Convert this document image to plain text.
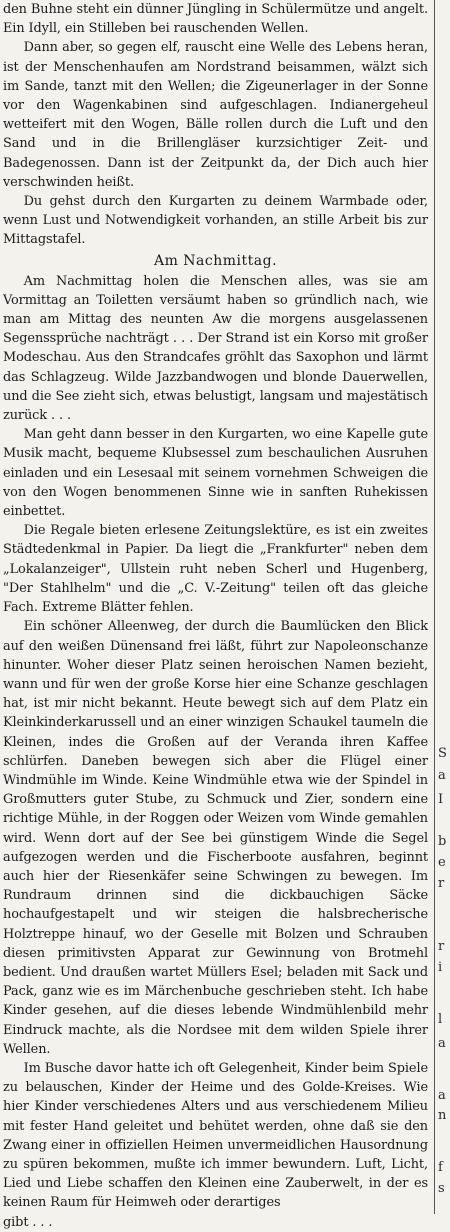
den Buhne steht ein dünner Jüngling in Schülermütze und angelt. Ein Idyll, ein Stilleben bei rauschenden Wellen.

Dann aber, so gegen elf, rauscht eine Welle des Lebens heran, ist der Menschenhaufen am Nordstrand beisammen, wälzt sich im Sande, tanzt mit den Wellen; die Zigeunerlager in der Sonne vor den Wagenkabinen sind aufgeschlagen. Indianergeheul wetteifert mit den Wogen, Bälle rollen durch die Luft und den Sand und in die Brillengläser kurzsichtiger Zeit- und Badegenossen. Dann ist der Zeitpunkt da, der Dich auch hier verschwinden heißt.

Du gehst durch den Kurgarten zu deinem Warmbade oder, wenn Lust und Notwendigkeit vorhanden, an stille Arbeit bis zur Mittagstafel.

Am Nachmittag.

Am Nachmittag holen die Menschen alles, was sie am Vormittag an Toiletten versäumt haben so gründlich nach, wie man am Mittag des neunten Aw die morgens ausgelassenen Segenssprüche nachträgt . . . Der Strand ist ein Korso mit großer Modeschau. Aus den Strandcafes gröhlt das Saxophon und lärmt das Schlagzeug. Wilde Jazzbandwogen und blonde Dauerwellen, und die See zieht sich, etwas belustigt, langsam und majestätisch zurück . . .

Man geht dann besser in den Kurgarten, wo eine Kapelle gute Musik macht, bequeme Klubsessel zum beschaulichen Ausruhen einladen und ein Lesesaal mit seinem vornehmen Schweigen die von den Wogen benommenen Sinne wie in sanften Ruhekissen einbettet.

Die Regale bieten erlesene Zeitungslektüre, es ist ein zweites Städtedenkmal in Papier. Da liegt die „Frankfurter" neben dem „Lokalanzeiger", Ullstein ruht neben Scherl und Hugenberg, "Der Stahlhelm" und die „C. V.-Zeitung" teilen oft das gleiche Fach. Extreme Blätter fehlen.

Ein schöner Alleenweg, der durch die Baumlücken den Blick auf den weißen Dünensand frei läßt, führt zur Napoleonschanze hinunter. Woher dieser Platz seinen heroischen Namen bezieht, wann und für wen der große Korse hier eine Schanze geschlagen hat, ist mir nicht bekannt. Heute bewegt sich auf dem Platz ein Kleinkinderkarussell und an einer winzigen Schaukel taumeln die Kleinen, indes die Großen auf der Veranda ihren Kaffee schlürfen. Daneben bewegen sich aber die Flügel einer Windmühle im Winde. Keine Windmühle etwa wie der Spindel in Großmutters guter Stube, zu Schmuck und Zier, sondern eine richtige Mühle, in der Roggen oder Weizen vom Winde gemahlen wird. Wenn dort auf der See bei günstigem Winde die Segel aufgezogen werden und die Fischerboote ausfahren, beginnt auch hier der Riesenkäfer seine Schwingen zu bewegen. Im Rundraum drinnen sind die dickbauchigen Säcke hochaufgestapelt und wir steigen die halsbrecherische Holztreppe hinauf, wo der Geselle mit Bolzen und Schrauben diesen primitivsten Apparat zur Gewinnung von Brotmehl bedient. Und draußen wartet Müllers Esel; beladen mit Sack und Pack, ganz wie es im Märchenbuche geschrieben steht. Ich habe Kinder gesehen, auf die dieses lebende Windmühlenbild mehr Eindruck machte, als die Nordsee mit dem wilden Spiele ihrer Wellen.

Im Busche davor hatte ich oft Gelegenheit, Kinder beim Spiele zu belauschen, Kinder der Heime und des Golde-Kreises. Wie hier Kinder verschiedenes Alters und aus verschiedenem Milieu mit fester Hand geleitet und behütet werden, ohne daß sie den Zwang einer in offiziellen Heimen unvermeidlichen Hausordnung zu spüren bekommen, mußte ich immer bewundern. Luft, Licht, Lied und Liebe schaffen den Kleinen eine Zauberwelt, in der es keinen Raum für Heimweh oder derartiges

gibt . . .

S
a
I
b
e
r
r
i
l
a
a
n
f
s
